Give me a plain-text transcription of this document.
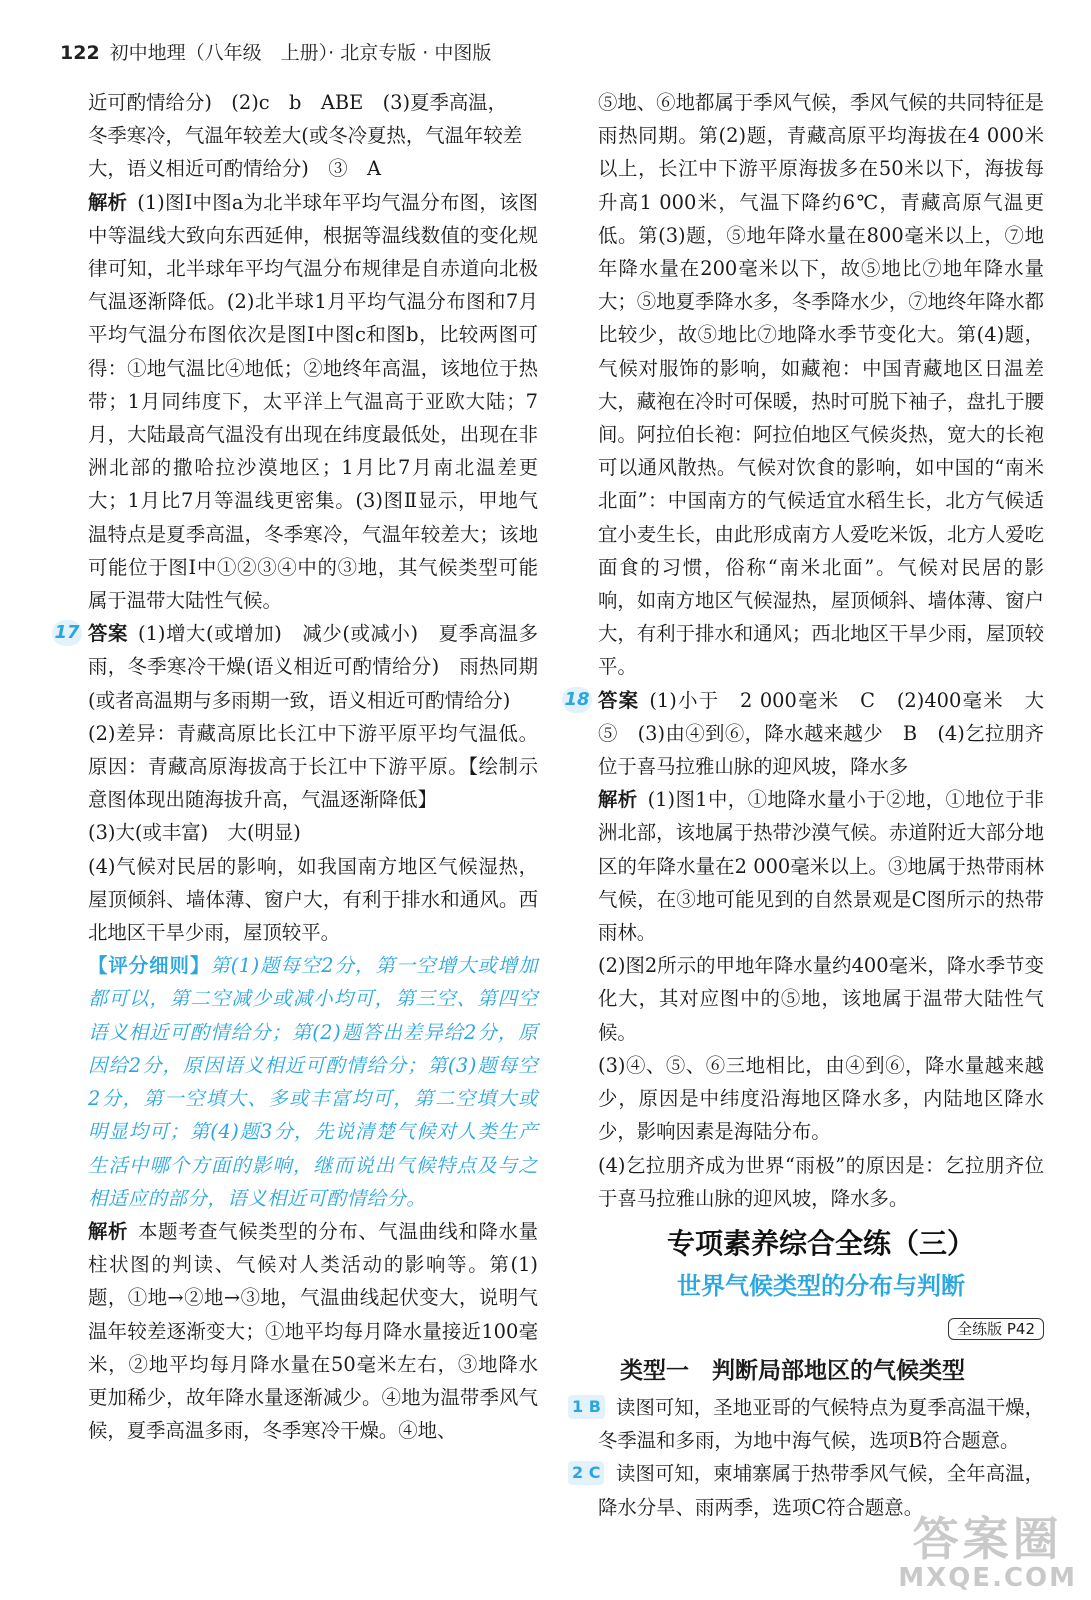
122 初中地理（八年级　上册）· 北京专版 · 中图版

近可酌情给分)　(2)c　b　ABE　(3)夏季高温，

冬季寒冷，气温年较差大(或冬冷夏热，气温年较差

大，语义相近可酌情给分)　③　A

解析 (1)图Ⅰ中图a为北半球年平均气温分布图，该图中等温线大致向东西延伸，根据等温线数值的变化规律可知，北半球年平均气温分布规律是自赤道向北极气温逐渐降低。(2)北半球1月平均气温分布图和7月平均气温分布图依次是图Ⅰ中图c和图b，比较两图可得：①地气温比④地低；②地终年高温，该地位于热带；1月同纬度下，太平洋上气温高于亚欧大陆；7月，大陆最高气温没有出现在纬度最低处，出现在非洲北部的撒哈拉沙漠地区；1月比7月南北温差更大；1月比7月等温线更密集。(3)图Ⅱ显示，甲地气温特点是夏季高温，冬季寒冷，气温年较差大；该地可能位于图Ⅰ中①②③④中的③地，其气候类型可能属于温带大陆性气候。

17 答案 (1)增大(或增加)　减少(或减小)　夏季高温多雨，冬季寒冷干燥(语义相近可酌情给分)　雨热同期(或者高温期与多雨期一致，语义相近可酌情给分)

(2)差异：青藏高原比长江中下游平原平均气温低。原因：青藏高原海拔高于长江中下游平原。【绘制示意图体现出随海拔升高，气温逐渐降低】

(3)大(或丰富)　大(明显)

(4)气候对民居的影响，如我国南方地区气候湿热，屋顶倾斜、墙体薄、窗户大，有利于排水和通风。西北地区干旱少雨，屋顶较平。

【评分细则】第(1)题每空2分，第一空增大或增加都可以，第二空减少或减小均可，第三空、第四空语义相近可酌情给分；第(2)题答出差异给2分，原因给2分，原因语义相近可酌情给分；第(3)题每空2分，第一空填大、多或丰富均可，第二空填大或明显均可；第(4)题3分，先说清楚气候对人类生产生活中哪个方面的影响，继而说出气候特点及与之相适应的部分，语义相近可酌情给分。

解析 本题考查气候类型的分布、气温曲线和降水量柱状图的判读、气候对人类活动的影响等。第(1)题，①地→②地→③地，气温曲线起伏变大，说明气温年较差逐渐变大；①地平均每月降水量接近100毫米，②地平均每月降水量在50毫米左右，③地降水更加稀少，故年降水量逐渐减少。④地为温带季风气候，夏季高温多雨，冬季寒冷干燥。④地、

⑤地、⑥地都属于季风气候，季风气候的共同特征是雨热同期。第(2)题，青藏高原平均海拔在4 000米以上，长江中下游平原海拔多在50米以下，海拔每升高1 000米，气温下降约6℃，青藏高原气温更低。第(3)题，⑤地年降水量在800毫米以上，⑦地年降水量在200毫米以下，故⑤地比⑦地年降水量大；⑤地夏季降水多，冬季降水少，⑦地终年降水都比较少，故⑤地比⑦地降水季节变化大。第(4)题，气候对服饰的影响，如藏袍：中国青藏地区日温差大，藏袍在冷时可保暖，热时可脱下袖子，盘扎于腰间。阿拉伯长袍：阿拉伯地区气候炎热，宽大的长袍可以通风散热。气候对饮食的影响，如中国的“南米北面”：中国南方的气候适宜水稻生长，北方气候适宜小麦生长，由此形成南方人爱吃米饭，北方人爱吃面食的习惯，俗称“南米北面”。气候对民居的影响，如南方地区气候湿热，屋顶倾斜、墙体薄、窗户大，有利于排水和通风；西北地区干旱少雨，屋顶较平。

18 答案 (1)小于　2 000毫米　C　(2)400毫米　大　⑤　(3)由④到⑥，降水越来越少　B　(4)乞拉朋齐位于喜马拉雅山脉的迎风坡，降水多

解析 (1)图1中，①地降水量小于②地，①地位于非洲北部，该地属于热带沙漠气候。赤道附近大部分地区的年降水量在2 000毫米以上。③地属于热带雨林气候，在③地可能见到的自然景观是C图所示的热带雨林。

(2)图2所示的甲地年降水量约400毫米，降水季节变化大，其对应图中的⑤地，该地属于温带大陆性气候。

(3)④、⑤、⑥三地相比，由④到⑥，降水量越来越少，原因是中纬度沿海地区降水多，内陆地区降水少，影响因素是海陆分布。

(4)乞拉朋齐成为世界“雨极”的原因是：乞拉朋齐位于喜马拉雅山脉的迎风坡，降水多。

专项素养综合全练（三）
世界气候类型的分布与判断
全练版 P42
类型一　判断局部地区的气候类型

1 B 读图可知，圣地亚哥的气候特点为夏季高温干燥，冬季温和多雨，为地中海气候，选项B符合题意。

2 C 读图可知，柬埔寨属于热带季风气候，全年高温，降水分旱、雨两季，选项C符合题意。

答案圈
MXQE.COM
